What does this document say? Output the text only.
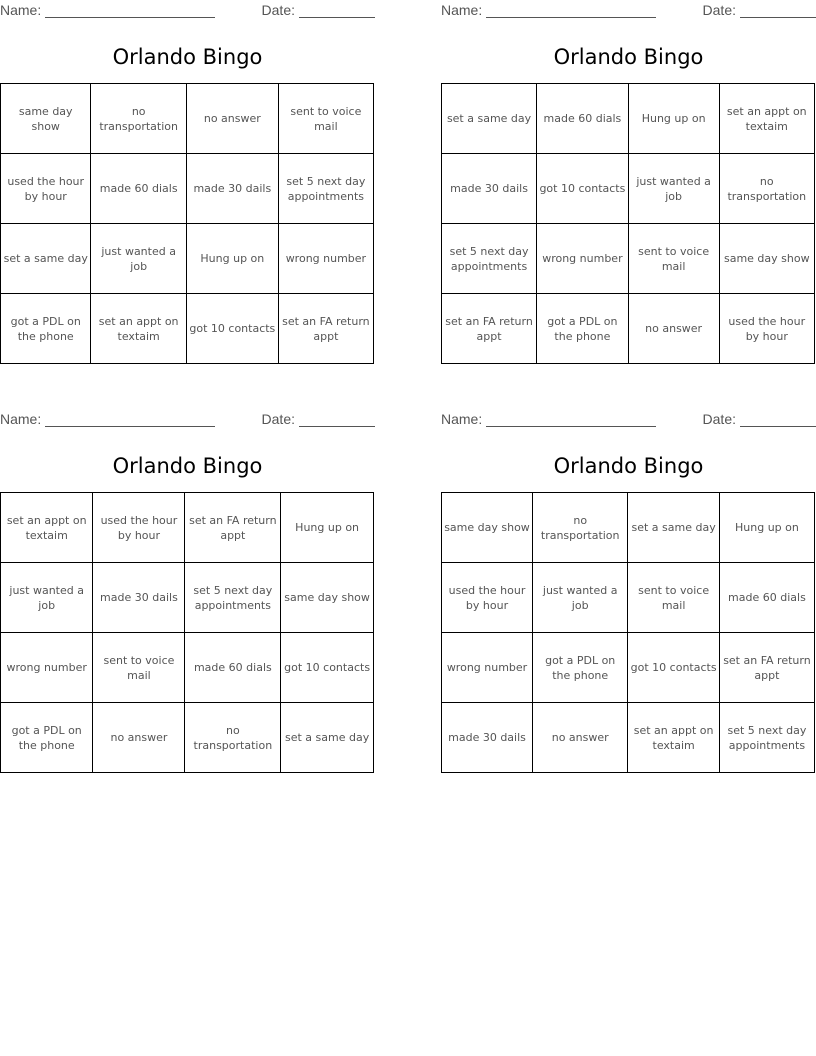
Name:	Date:
Orlando Bingo
same day show	no transportation	no answer	sent to voice mail
used the hour by hour	made 60 dials	made 30 dails	set 5 next day appointments
set a same day	just wanted a job	Hung up on	wrong number
got a PDL on the phone	set an appt on textaim	got 10 contacts	set an FA return appt
Name:	Date:
Orlando Bingo
set a same day	made 60 dials	Hung up on	set an appt on textaim
made 30 dails	got 10 contacts	just wanted a job	no transportation
set 5 next day appointments	wrong number	sent to voice mail	same day show
set an FA return appt	got a PDL on the phone	no answer	used the hour by hour
Name:	Date:
Orlando Bingo
set an appt on textaim	used the hour by hour	set an FA return appt	Hung up on
just wanted a job	made 30 dails	set 5 next day appointments	same day show
wrong number	sent to voice mail	made 60 dials	got 10 contacts
got a PDL on the phone	no answer	no transportation	set a same day
Name:	Date:
Orlando Bingo
same day show	no transportation	set a same day	Hung up on
used the hour by hour	just wanted a job	sent to voice mail	made 60 dials
wrong number	got a PDL on the phone	got 10 contacts	set an FA return appt
made 30 dails	no answer	set an appt on textaim	set 5 next day appointments
